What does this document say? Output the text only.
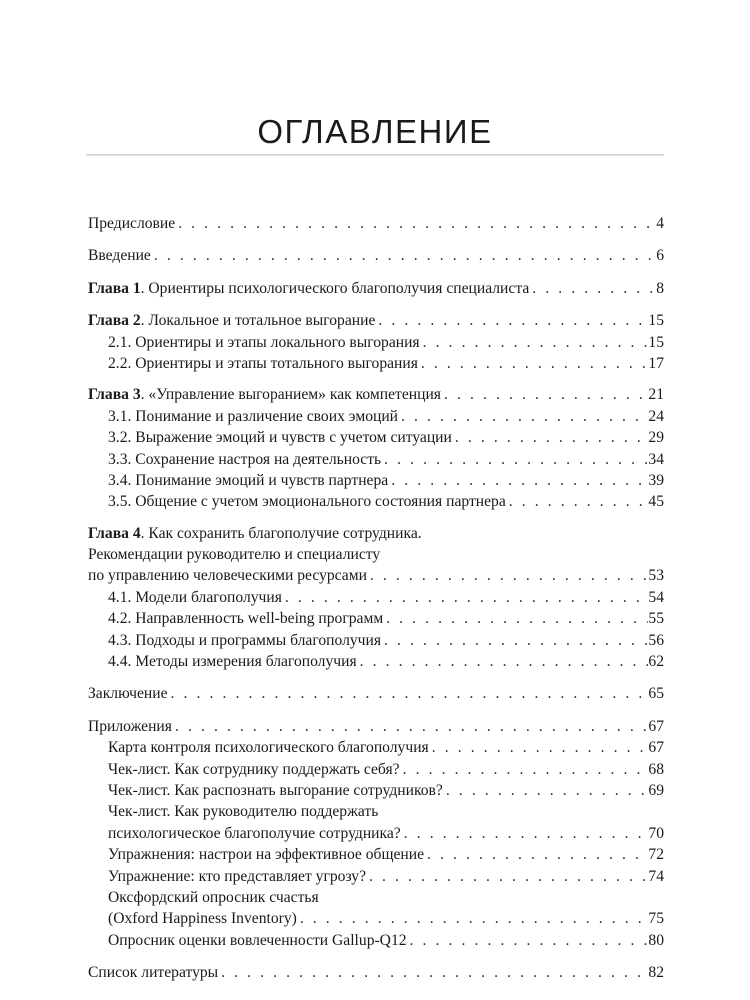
ОГЛАВЛЕНИЕ
Предисловие . . .	4
Введение . . .	6
Глава 1. Ориентиры психологического благополучия специалиста . . .	8
Глава 2. Локальное и тотальное выгорание . . .	15
2.1. Ориентиры и этапы локального выгорания . . .	15
2.2. Ориентиры и этапы тотального выгорания . . .	17
Глава 3. «Управление выгоранием» как компетенция . . .	21
3.1. Понимание и различение своих эмоций . . .	24
3.2. Выражение эмоций и чувств с учетом ситуации . . .	29
3.3. Сохранение настроя на деятельность . . .	34
3.4. Понимание эмоций и чувств партнера . . .	39
3.5. Общение с учетом эмоционального состояния партнера . . .	45
Глава 4. Как сохранить благополучие сотрудника.
Рекомендации руководителю и специалисту
по управлению человеческими ресурсами . . .	53
4.1. Модели благополучия . . .	54
4.2. Направленность well-being программ . . .	55
4.3. Подходы и программы благополучия . . .	56
4.4. Методы измерения благополучия . . .	62
Заключение . . .	65
Приложения . . .	67
Карта контроля психологического благополучия . . .	67
Чек-лист. Как сотруднику поддержать себя? . . .	68
Чек-лист. Как распознать выгорание сотрудников? . . .	69
Чек-лист. Как руководителю поддержать
психологическое благополучие сотрудника? . . .	70
Упражнения: настрои на эффективное общение . . .	72
Упражнение: кто представляет угрозу? . . .	74
Оксфордский опросник счастья
(Oxford Happiness Inventory) . . .	75
Опросник оценки вовлеченности Gallup-Q12 . . .	80
Список литературы . . .	82
